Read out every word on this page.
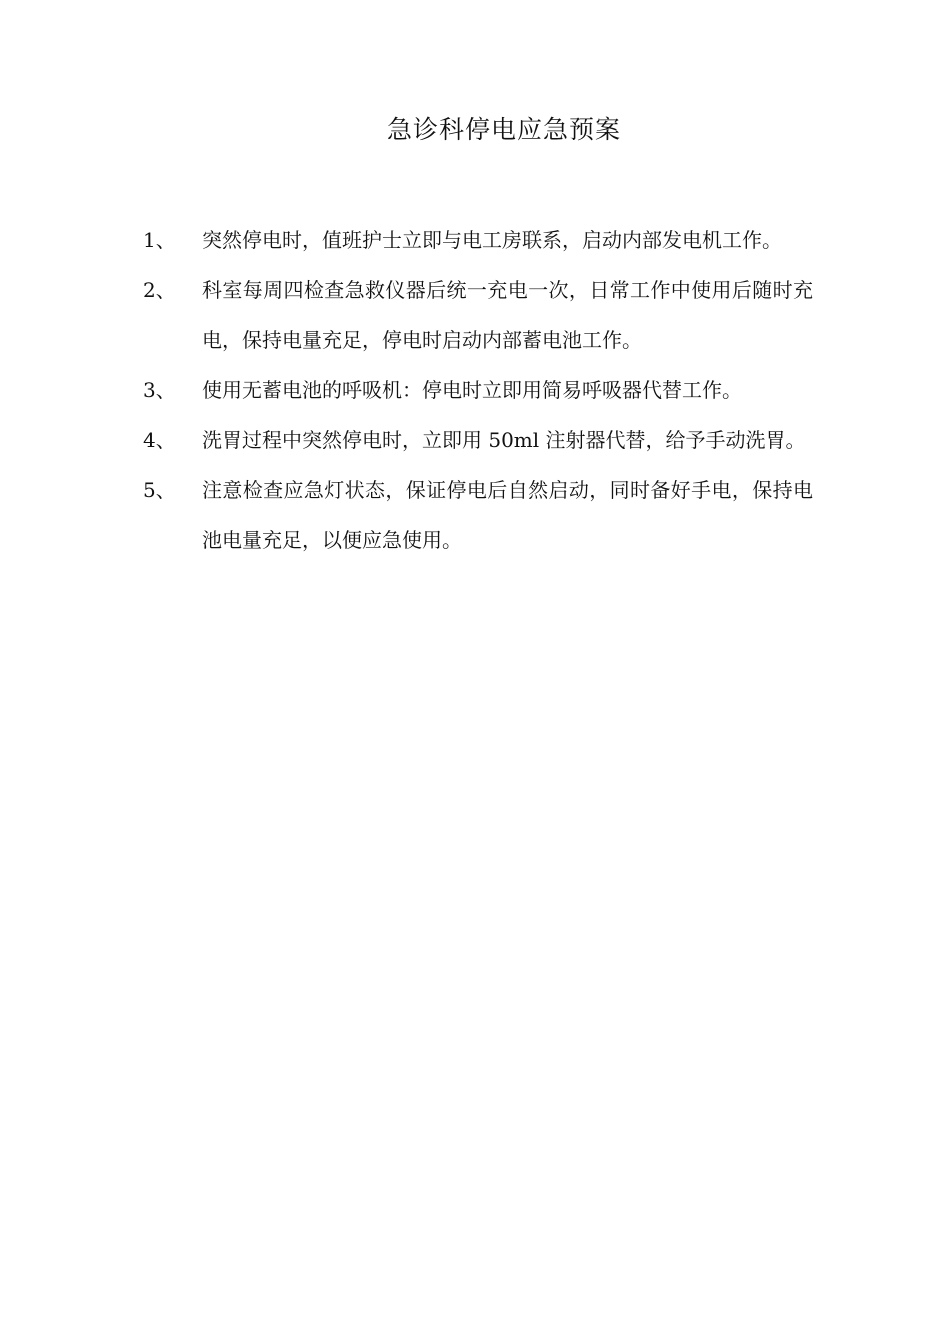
急诊科停电应急预案
1、	突然停电时，值班护士立即与电工房联系，启动内部发电机工作。
2、	科室每周四检查急救仪器后统一充电一次，日常工作中使用后随时充电，保持电量充足，停电时启动内部蓄电池工作。
3、	使用无蓄电池的呼吸机：停电时立即用简易呼吸器代替工作。
4、	洗胃过程中突然停电时，立即用 50ml 注射器代替，给予手动洗胃。
5、	注意检查应急灯状态，保证停电后自然启动，同时备好手电，保持电池电量充足，以便应急使用。
